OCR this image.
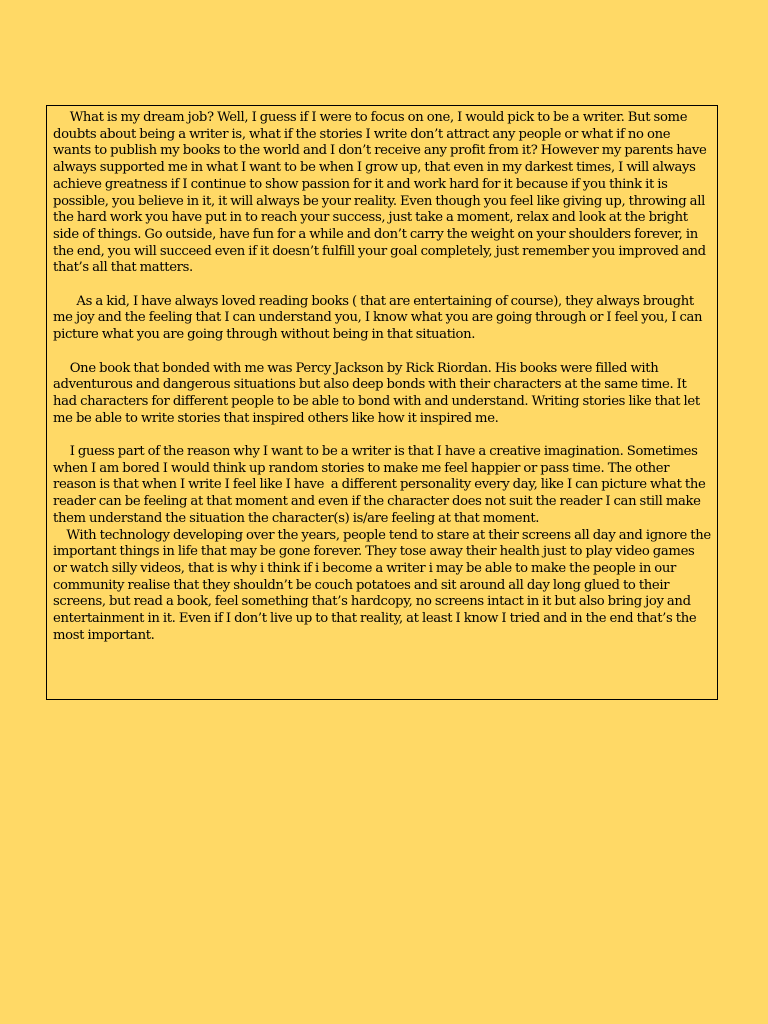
What is my dream job? Well, I guess if I were to focus on one, I would pick to be a writer. But some doubts about being a writer is, what if the stories I write don’t attract any people or what if no one wants to publish my books to the world and I don’t receive any profit from it? However my parents have always supported me in what I want to be when I grow up, that even in my darkest times, I will always achieve greatness if I continue to show passion for it and work hard for it because if you think it is possible, you believe in it, it will always be your reality. Even though you feel like giving up, throwing all the hard work you have put in to reach your success, just take a moment, relax and look at the bright side of things. Go outside, have fun for a while and don’t carry the weight on your shoulders forever, in the end, you will succeed even if it doesn’t fulfill your goal completely, just remember you improved and that’s all that matters.

As a kid, I have always loved reading books ( that are entertaining of course), they always brought me joy and the feeling that I can understand you, I know what you are going through or I feel you, I can picture what you are going through without being in that situation.

One book that bonded with me was Percy Jackson by Rick Riordan. His books were filled with adventurous and dangerous situations but also deep bonds with their characters at the same time. It had characters for different people to be able to bond with and understand. Writing stories like that let me be able to write stories that inspired others like how it inspired me.

I guess part of the reason why I want to be a writer is that I have a creative imagination. Sometimes when I am bored I would think up random stories to make me feel happier or pass time. The other reason is that when I write I feel like I have  a different personality every day, like I can picture what the reader can be feeling at that moment and even if the character does not suit the reader I can still make them understand the situation the character(s) is/are feeling at that moment.

With technology developing over the years, people tend to stare at their screens all day and ignore the important things in life that may be gone forever. They tose away their health just to play video games or watch silly videos, that is why i think if i become a writer i may be able to make the people in our community realise that they shouldn’t be couch potatoes and sit around all day long glued to their screens, but read a book, feel something that’s hardcopy, no screens intact in it but also bring joy and entertainment in it. Even if I don’t live up to that reality, at least I know I tried and in the end that’s the most important.
